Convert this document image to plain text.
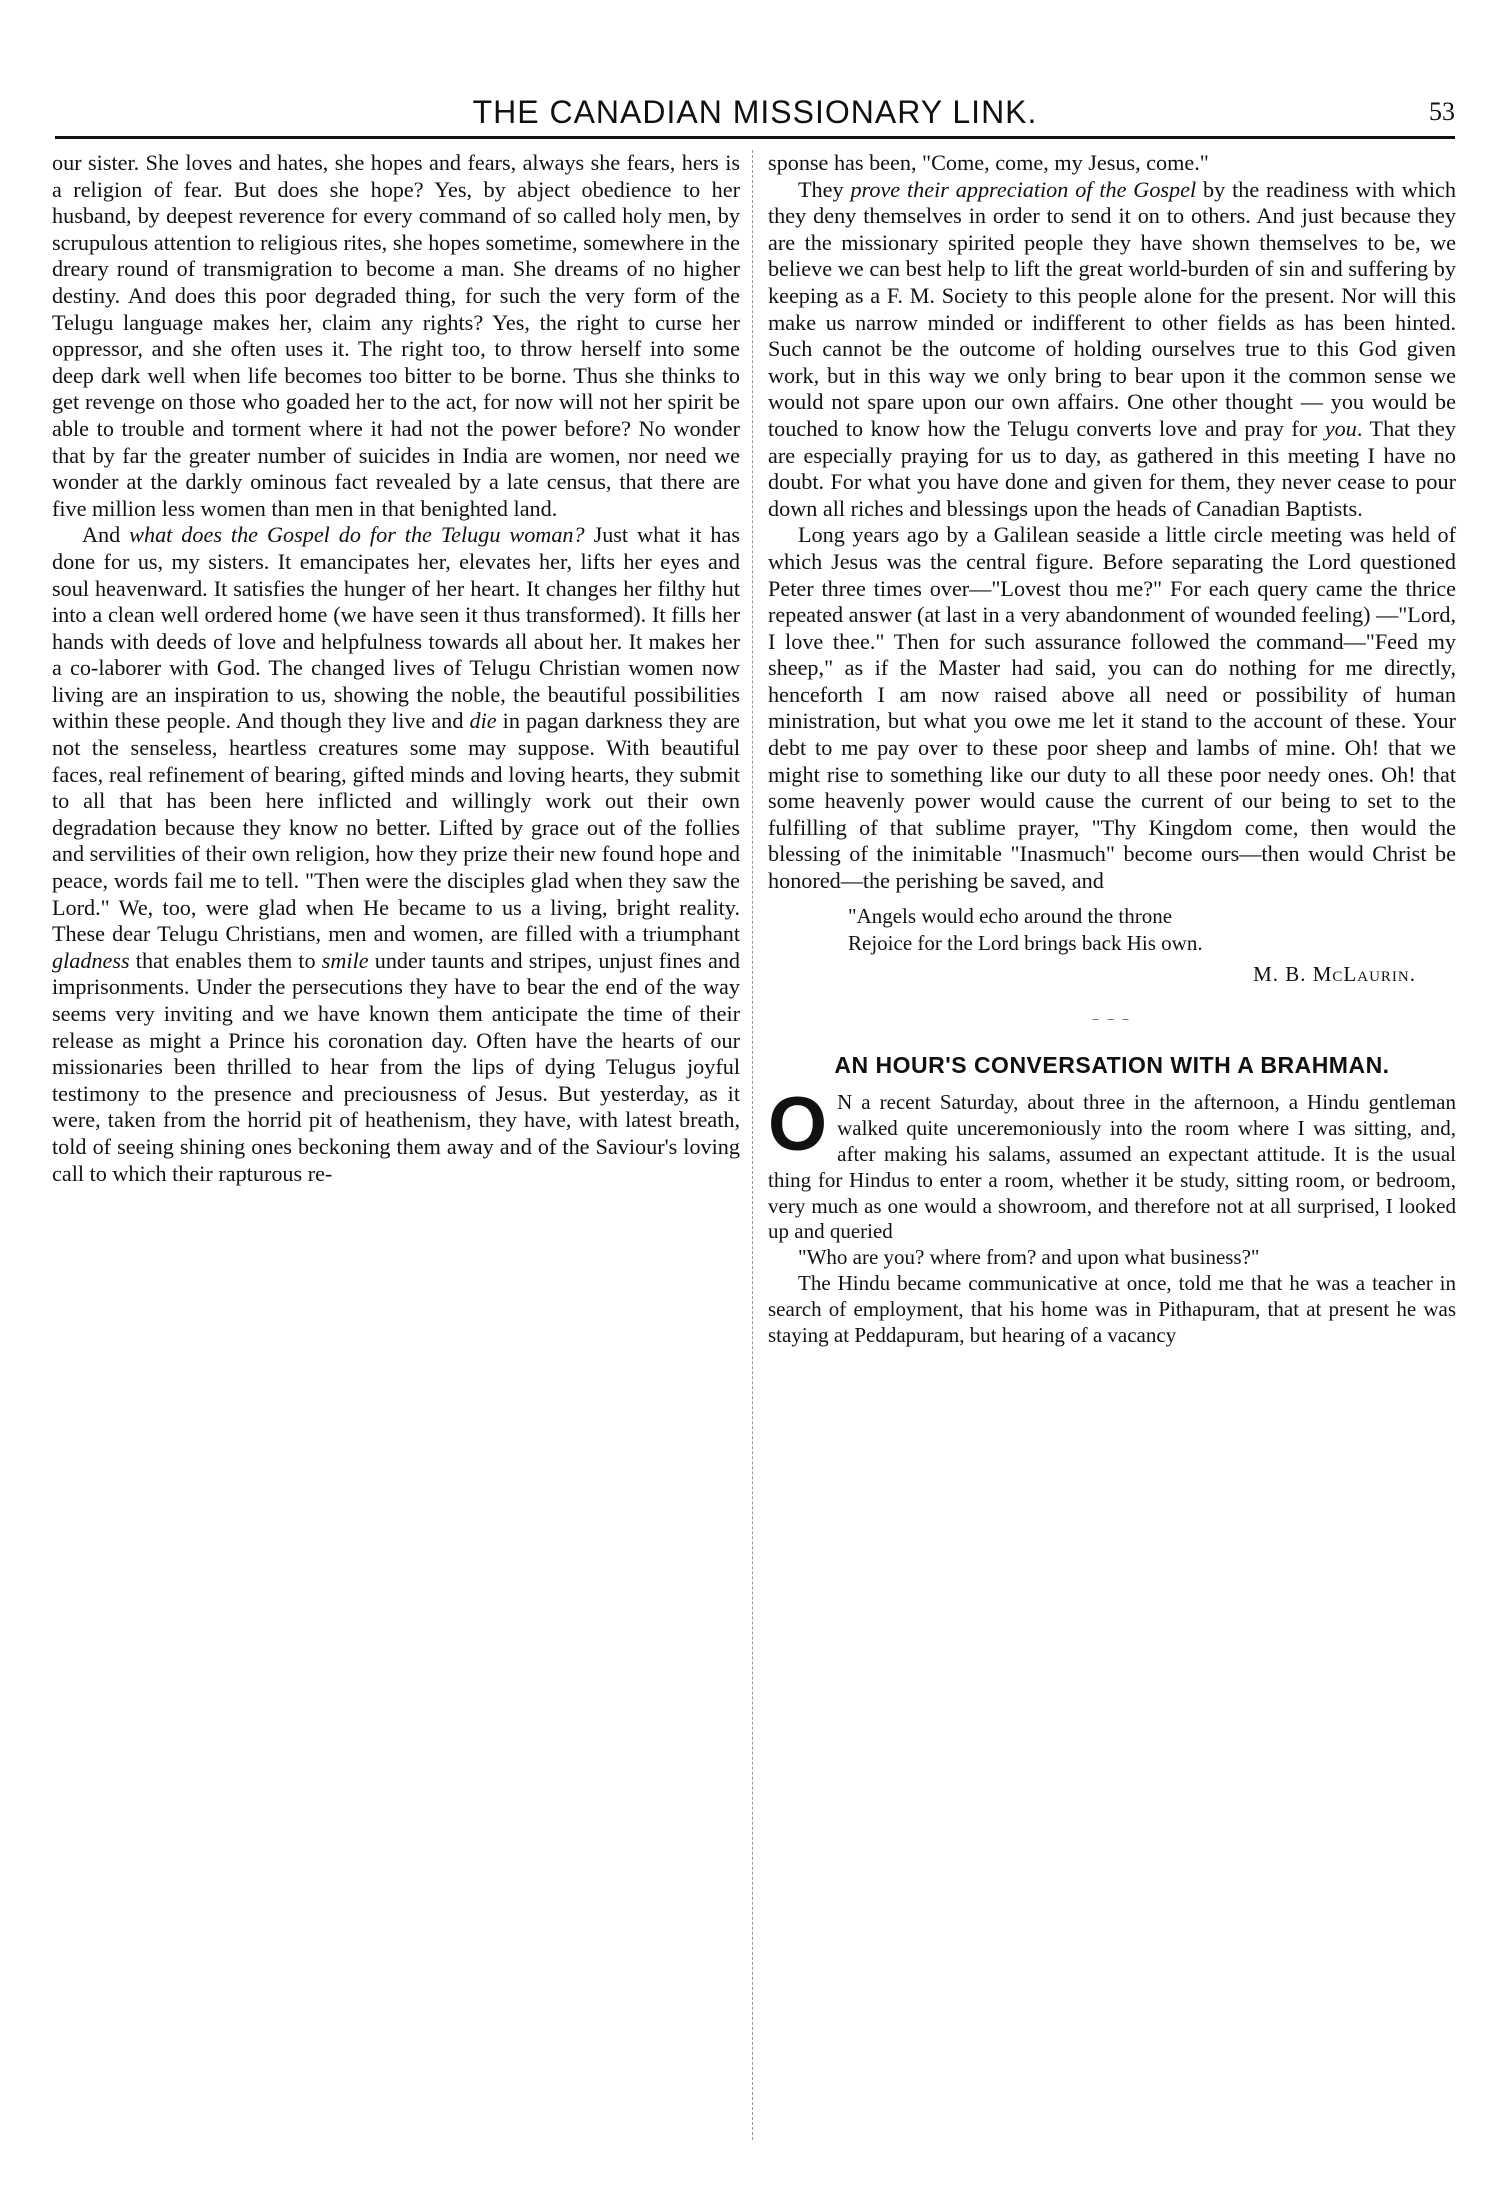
THE CANADIAN MISSIONARY LINK.	53

our sister. She loves and hates, she hopes and fears, always she fears, hers is a religion of fear. But does she hope? Yes, by abject obedience to her husband, by deepest reverence for every command of so called holy men, by scrupulous attention to religious rites, she hopes sometime, somewhere in the dreary round of transmigration to become a man. She dreams of no higher destiny. And does this poor degraded thing, for such the very form of the Telugu language makes her, claim any rights? Yes, the right to curse her oppressor, and she often uses it. The right too, to throw herself into some deep dark well when life becomes too bitter to be borne. Thus she thinks to get revenge on those who goaded her to the act, for now will not her spirit be able to trouble and torment where it had not the power before? No wonder that by far the greater number of suicides in India are women, nor need we wonder at the darkly ominous fact revealed by a late census, that there are five million less women than men in that benighted land.

And what does the Gospel do for the Telugu woman? Just what it has done for us, my sisters. It emancipates her, elevates her, lifts her eyes and soul heavenward. It satisfies the hunger of her heart. It changes her filthy hut into a clean well ordered home (we have seen it thus transformed). It fills her hands with deeds of love and helpfulness towards all about her. It makes her a co-laborer with God. The changed lives of Telugu Christian women now living are an inspiration to us, showing the noble, the beautiful possibilities within these people. And though they live and die in pagan darkness they are not the senseless, heartless creatures some may suppose. With beautiful faces, real refinement of bearing, gifted minds and loving hearts, they submit to all that has been here inflicted and willingly work out their own degradation because they know no better. Lifted by grace out of the follies and servilities of their own religion, how they prize their new found hope and peace, words fail me to tell. "Then were the disciples glad when they saw the Lord." We, too, were glad when He became to us a living, bright reality. These dear Telugu Christians, men and women, are filled with a triumphant gladness that enables them to smile under taunts and stripes, unjust fines and imprisonments. Under the persecutions they have to bear the end of the way seems very inviting and we have known them anticipate the time of their release as might a Prince his coronation day. Often have the hearts of our missionaries been thrilled to hear from the lips of dying Telugus joyful testimony to the presence and preciousness of Jesus. But yesterday, as it were, taken from the horrid pit of heathenism, they have, with latest breath, told of seeing shining ones beckoning them away and of the Saviour's loving call to which their rapturous re-

sponse has been, "Come, come, my Jesus, come."

They prove their appreciation of the Gospel by the readiness with which they deny themselves in order to send it on to others. And just because they are the missionary spirited people they have shown themselves to be, we believe we can best help to lift the great world-burden of sin and suffering by keeping as a F. M. Society to this people alone for the present. Nor will this make us narrow minded or indifferent to other fields as has been hinted. Such cannot be the outcome of holding ourselves true to this God given work, but in this way we only bring to bear upon it the common sense we would not spare upon our own affairs. One other thought — you would be touched to know how the Telugu converts love and pray for you. That they are especially praying for us to day, as gathered in this meeting I have no doubt. For what you have done and given for them, they never cease to pour down all riches and blessings upon the heads of Canadian Baptists.

Long years ago by a Galilean seaside a little circle meeting was held of which Jesus was the central figure. Before separating the Lord questioned Peter three times over—"Lovest thou me?" For each query came the thrice repeated answer (at last in a very abandonment of wounded feeling) —"Lord, I love thee." Then for such assurance followed the command—"Feed my sheep," as if the Master had said, you can do nothing for me directly, henceforth I am now raised above all need or possibility of human ministration, but what you owe me let it stand to the account of these. Your debt to me pay over to these poor sheep and lambs of mine. Oh! that we might rise to something like our duty to all these poor needy ones. Oh! that some heavenly power would cause the current of our being to set to the fulfilling of that sublime prayer, "Thy Kingdom come, then would the blessing of the inimitable "Inasmuch" become ours—then would Christ be honored—the perishing be saved, and

"Angels would echo around the throne
Rejoice for the Lord brings back His own.
M. B. McLaurin.
– – –
AN HOUR'S CONVERSATION WITH A BRAHMAN.

O N a recent Saturday, about three in the afternoon, a Hindu gentleman walked quite unceremoniously into the room where I was sitting, and, after making his salams, assumed an expectant attitude. It is the usual thing for Hindus to enter a room, whether it be study, sitting room, or bedroom, very much as one would a showroom, and therefore not at all surprised, I looked up and queried

"Who are you? where from? and upon what business?"

The Hindu became communicative at once, told me that he was a teacher in search of employment, that his home was in Pithapuram, that at present he was staying at Peddapuram, but hearing of a vacancy
